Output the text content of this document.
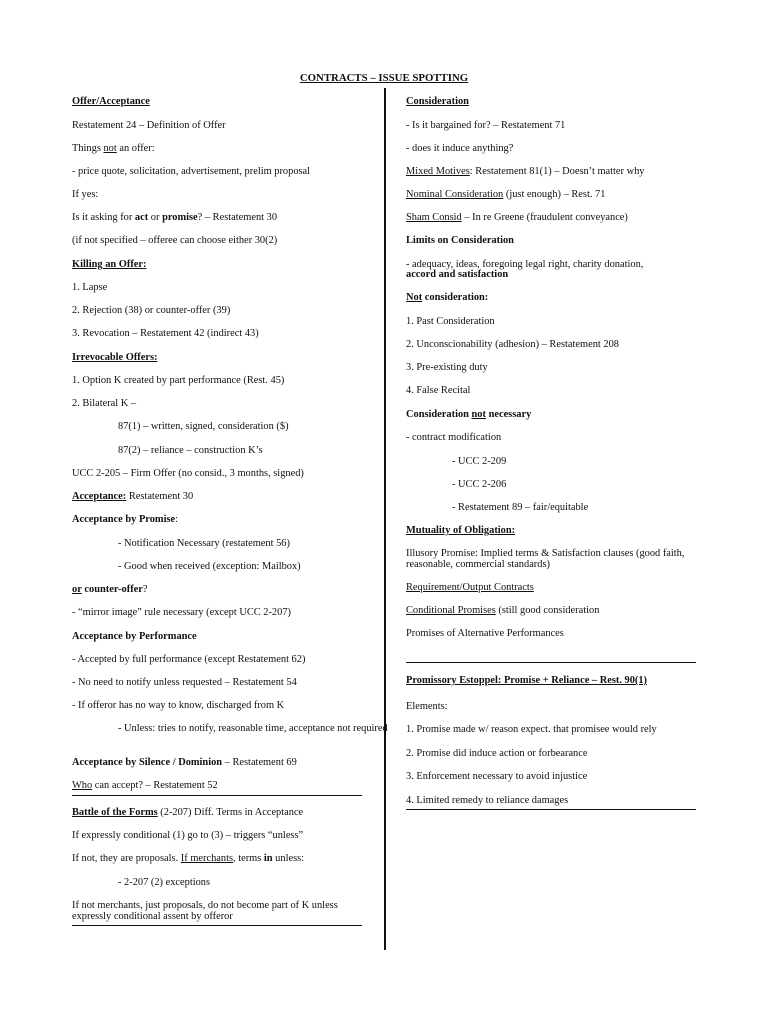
CONTRACTS – ISSUE SPOTTING
Offer/Acceptance
Restatement 24 – Definition of Offer
Things not an offer:
- price quote, solicitation, advertisement, prelim proposal
If yes:
Is it asking for act or promise? – Restatement 30
(if not specified – offeree can choose either 30(2)
Killing an Offer:
1. Lapse
2. Rejection (38) or counter-offer (39)
3. Revocation – Restatement 42 (indirect 43)
Irrevocable Offers:
1. Option K created by part performance (Rest. 45)
2. Bilateral K –
87(1) – written, signed, consideration ($)
87(2) – reliance – construction K’s
UCC 2-205 – Firm Offer (no consid., 3 months, signed)
Acceptance: Restatement 30
Acceptance by Promise:
- Notification Necessary (restatement 56)
- Good when received (exception: Mailbox)
or counter-offer?
- “mirror image” rule necessary (except UCC 2-207)
Acceptance by Performance
- Accepted by full performance (except Restatement 62)
- No need to notify unless requested – Restatement 54
- If offeror has no way to know, discharged from K
- Unless: tries to notify, reasonable time, acceptance not required
Acceptance by Silence / Dominion – Restatement 69
Who can accept? – Restatement 52
Battle of the Forms (2-207) Diff. Terms in Acceptance
If expressly conditional (1) go to (3) – triggers “unless”
If not, they are proposals. If merchants, terms in unless:
- 2-207 (2) exceptions
If not merchants, just proposals, do not become part of K unless expressly conditional assent by offeror
Consideration
- Is it bargained for? – Restatement 71
- does it induce anything?
Mixed Motives: Restatement 81(1) – Doesn’t matter why
Nominal Consideration (just enough) – Rest. 71
Sham Consid – In re Greene (fraudulent conveyance)
Limits on Consideration
- adequacy, ideas, foregoing legal right, charity donation,
accord and satisfaction
Not consideration:
1. Past Consideration
2. Unconscionability (adhesion) – Restatement 208
3. Pre-existing duty
4. False Recital
Consideration not necessary
- contract modification
- UCC 2-209
- UCC 2-206
- Restatement 89 – fair/equitable
Mutuality of Obligation:
Illusory Promise: Implied terms & Satisfaction clauses (good faith, reasonable, commercial standards)
Requirement/Output Contracts
Conditional Promises (still good consideration
Promises of Alternative Performances
Promissory Estoppel: Promise + Reliance – Rest. 90(1)
Elements:
1. Promise made w/ reason expect. that promisee would rely
2. Promise did induce action or forbearance
3. Enforcement necessary to avoid injustice
4. Limited remedy to reliance damages
